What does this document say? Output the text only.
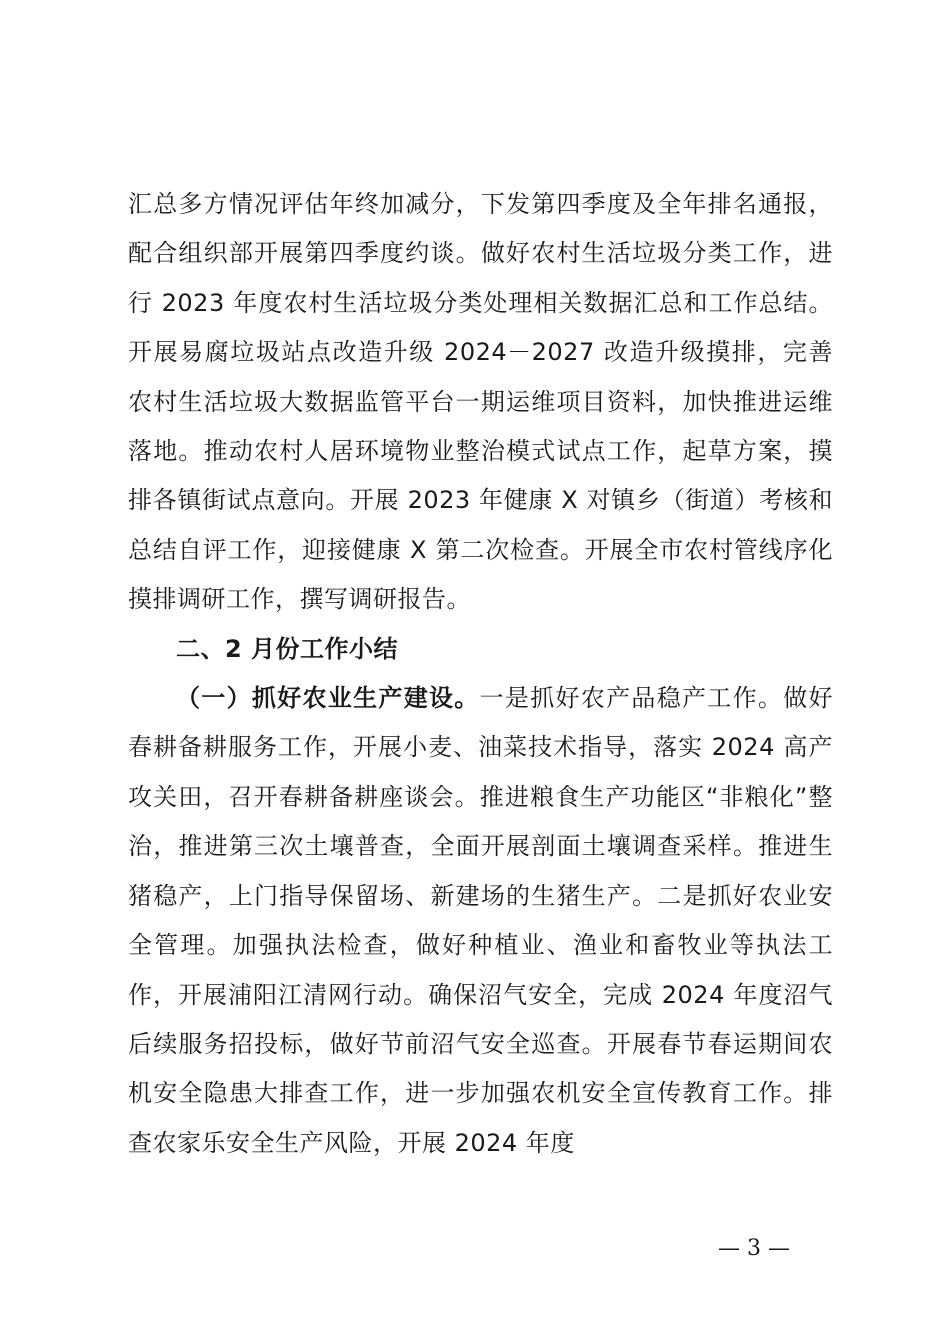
汇总多方情况评估年终加减分，下发第四季度及全年排名通报，配合组织部开展第四季度约谈。做好农村生活垃圾分类工作，进行 2023 年度农村生活垃圾分类处理相关数据汇总和工作总结。开展易腐垃圾站点改造升级 2024－2027 改造升级摸排，完善农村生活垃圾大数据监管平台一期运维项目资料，加快推进运维落地。推动农村人居环境物业整治模式试点工作，起草方案，摸排各镇街试点意向。开展 2023 年健康 X 对镇乡（街道）考核和总结自评工作，迎接健康 X 第二次检查。开展全市农村管线序化摸排调研工作，撰写调研报告。

二、2 月份工作小结

（一）抓好农业生产建设。一是抓好农产品稳产工作。做好春耕备耕服务工作，开展小麦、油菜技术指导，落实 2024 高产攻关田，召开春耕备耕座谈会。推进粮食生产功能区“非粮化”整治，推进第三次土壤普查，全面开展剖面土壤调查采样。推进生猪稳产，上门指导保留场、新建场的生猪生产。二是抓好农业安全管理。加强执法检查，做好种植业、渔业和畜牧业等执法工作，开展浦阳江清网行动。确保沼气安全，完成 2024 年度沼气后续服务招投标，做好节前沼气安全巡查。开展春节春运期间农机安全隐患大排查工作，进一步加强农机安全宣传教育工作。排查农家乐安全生产风险，开展 2024 年度

— 3 —
